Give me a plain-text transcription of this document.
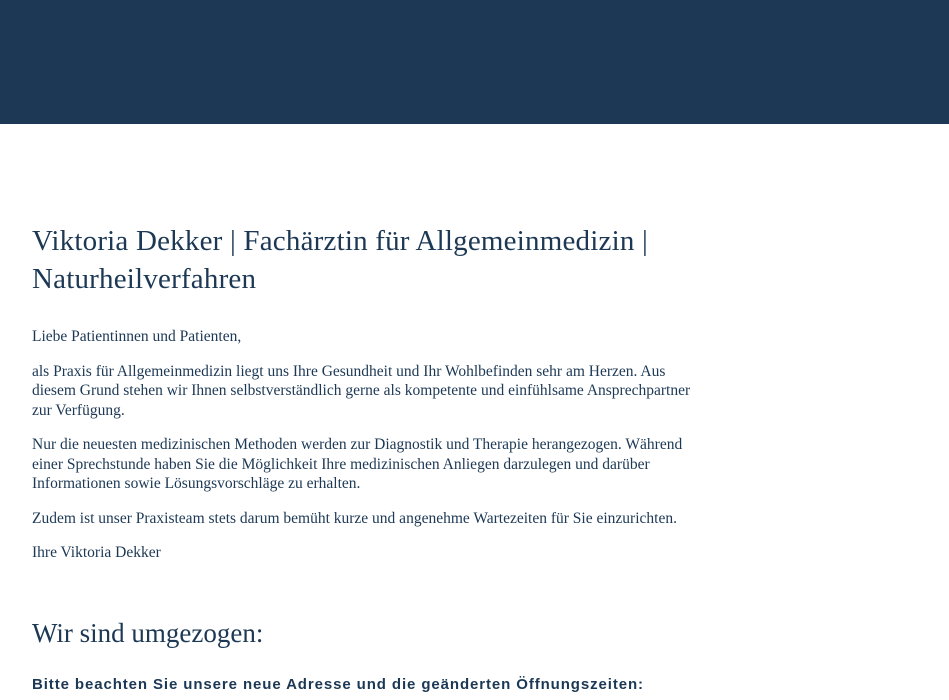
Viktoria Dekker | Fachärztin für Allgemeinmedizin | Naturheilverfahren

Liebe Patientinnen und Patienten,

als Praxis für Allgemeinmedizin liegt uns Ihre Gesundheit und Ihr Wohlbefinden sehr am Herzen. Aus diesem Grund stehen wir Ihnen selbstverständlich gerne als kompetente und einfühlsame Ansprechpartner zur Verfügung.

Nur die neuesten medizinischen Methoden werden zur Diagnostik und Therapie herangezogen. Während einer Sprechstunde haben Sie die Möglichkeit Ihre medizinischen Anliegen darzulegen und darüber Informationen sowie Lösungsvorschläge zu erhalten.

Zudem ist unser Praxisteam stets darum bemüht kurze und angenehme Wartezeiten für Sie einzurichten.

Ihre Viktoria Dekker

Wir sind umgezogen:

Bitte beachten Sie unsere neue Adresse und die geänderten Öffnungszeiten:
